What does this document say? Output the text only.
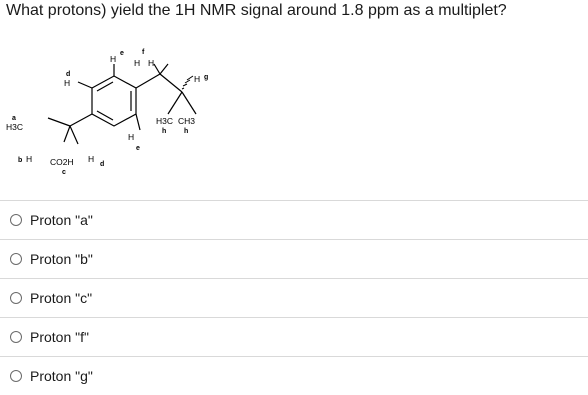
What protons) yield the 1H NMR signal around 1.8 ppm as a multiplet?
H
e
d
H
a
H3C
b H CO2H
c
H
d
H
e
f
H H
H g
H3C CH3
h	h
Proton "a"
Proton "b"
Proton "c"
Proton "f"
Proton "g"
